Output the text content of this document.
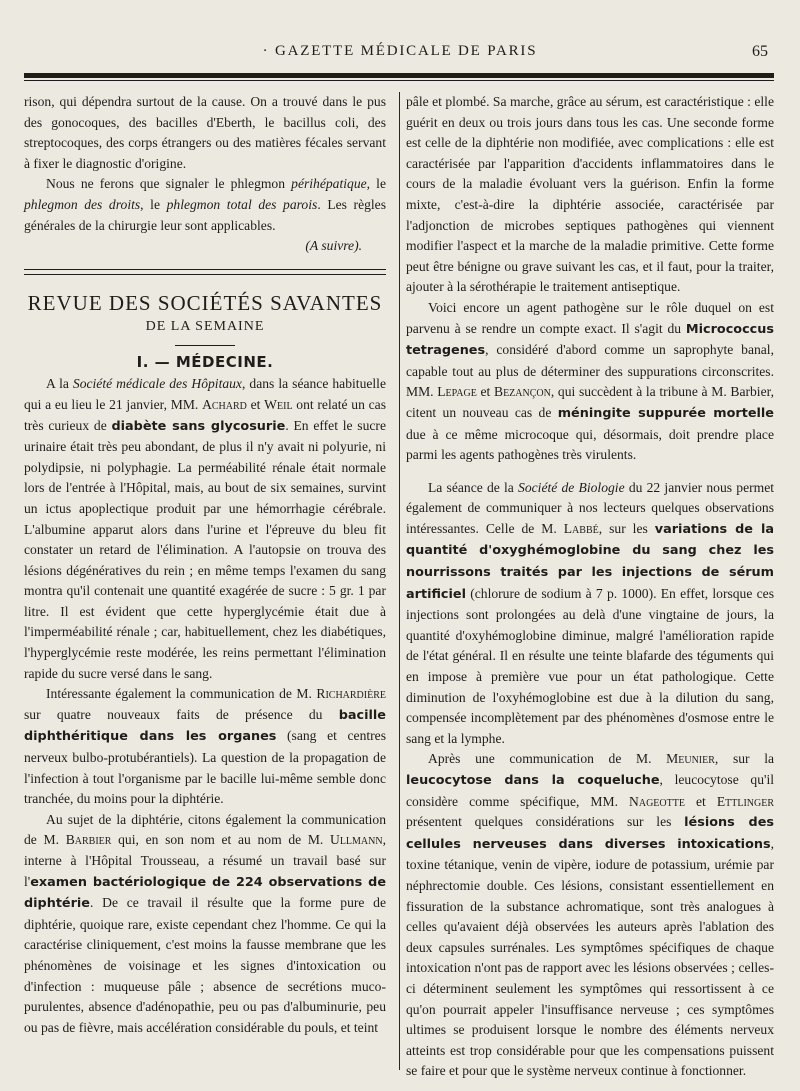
· GAZETTE MÉDICALE DE PARIS	65

rison, qui dépendra surtout de la cause. On a trouvé dans le pus des gonocoques, des bacilles d'Eberth, le bacillus coli, des streptocoques, des corps étrangers ou des matières fécales servant à fixer le diagnostic d'origine.

Nous ne ferons que signaler le phlegmon périhépatique, le phlegmon des droits, le phlegmon total des parois. Les règles générales de la chirurgie leur sont applicables.

(A suivre).

REVUE DES SOCIÉTÉS SAVANTES
DE LA SEMAINE
I. — MÉDECINE.

A la Société médicale des Hôpitaux, dans la séance habituelle qui a eu lieu le 21 janvier, MM. Achard et Weil ont relaté un cas très curieux de diabète sans glycosurie. En effet le sucre urinaire était très peu abondant, de plus il n'y avait ni polyurie, ni polydipsie, ni polyphagie. La perméabilité rénale était normale lors de l'entrée à l'Hôpital, mais, au bout de six semaines, survint un ictus apoplectique produit par une hémorrhagie cérébrale. L'albumine apparut alors dans l'urine et l'épreuve du bleu fit constater un retard de l'élimination. A l'autopsie on trouva des lésions dégénératives du rein ; en même temps l'examen du sang montra qu'il contenait une quantité exagérée de sucre : 5 gr. 1 par litre. Il est évident que cette hyperglycémie était due à l'imperméabilité rénale ; car, habituellement, chez les diabétiques, l'hyperglycémie reste modérée, les reins permettant l'élimination rapide du sucre versé dans le sang.

Intéressante également la communication de M. Richardière sur quatre nouveaux faits de présence du bacille diphthéritique dans les organes (sang et centres nerveux bulbo-protubérantiels). La question de la propagation de l'infection à tout l'organisme par le bacille lui-même semble donc tranchée, du moins pour la diphtérie.

Au sujet de la diphtérie, citons également la communication de M. Barbier qui, en son nom et au nom de M. Ullmann, interne à l'Hôpital Trousseau, a résumé un travail basé sur l'examen bactériologique de 224 observations de diphtérie. De ce travail il résulte que la forme pure de diphtérie, quoique rare, existe cependant chez l'homme. Ce qui la caractérise cliniquement, c'est moins la fausse membrane que les phénomènes de voisinage et les signes d'intoxication ou d'infection : muqueuse pâle ; absence de secrétions muco-purulentes, absence d'adénopathie, peu ou pas d'albuminurie, peu ou pas de fièvre, mais accélération considérable du pouls, et teint

pâle et plombé. Sa marche, grâce au sérum, est caractéristique : elle guérit en deux ou trois jours dans tous les cas. Une seconde forme est celle de la diphtérie non modifiée, avec complications : elle est caractérisée par l'apparition d'accidents inflammatoires dans le cours de la maladie évoluant vers la guérison. Enfin la forme mixte, c'est-à-dire la diphtérie associée, caractérisée par l'adjonction de microbes septiques pathogènes qui viennent modifier l'aspect et la marche de la maladie primitive. Cette forme peut être bénigne ou grave suivant les cas, et il faut, pour la traiter, ajouter à la sérothérapie le traitement antiseptique.

Voici encore un agent pathogène sur le rôle duquel on est parvenu à se rendre un compte exact. Il s'agit du Micrococcus tetragenes, considéré d'abord comme un saprophyte banal, capable tout au plus de déterminer des suppurations circonscrites. MM. Lepage et Bezançon, qui succèdent à la tribune à M. Barbier, citent un nouveau cas de méningite suppurée mortelle due à ce même microcoque qui, désormais, doit prendre place parmi les agents pathogènes très virulents.

La séance de la Société de Biologie du 22 janvier nous permet également de communiquer à nos lecteurs quelques observations intéressantes. Celle de M. Labbé, sur les variations de la quantité d'oxyghémoglobine du sang chez les nourrissons traités par les injections de sérum artificiel (chlorure de sodium à 7 p. 1000). En effet, lorsque ces injections sont prolongées au delà d'une vingtaine de jours, la quantité d'oxyhémoglobine diminue, malgré l'amélioration rapide de l'état général. Il en résulte une teinte blafarde des téguments qui en impose à première vue pour un état pathologique. Cette diminution de l'oxyhémoglobine est due à la dilution du sang, compensée incomplètement par des phénomènes d'osmose entre le sang et la lymphe.

Après une communication de M. Meunier, sur la leucocytose dans la coqueluche, leucocytose qu'il considère comme spécifique, MM. Nageotte et Ettlinger présentent quelques considérations sur les lésions des cellules nerveuses dans diverses intoxications, toxine tétanique, venin de vipère, iodure de potassium, urémie par néphrectomie double. Ces lésions, consistant essentiellement en fissuration de la substance achromatique, sont très analogues à celles qu'avaient déjà observées les auteurs après l'ablation des deux capsules surrénales. Les symptômes spécifiques de chaque intoxication n'ont pas de rapport avec les lésions observées ; celles-ci déterminent seulement les symptômes qui ressortissent à ce qu'on pourrait appeler l'insuffisance nerveuse ; ces symptômes ultimes se produisent lorsque le nombre des éléments nerveux atteints est trop considérable pour que les compensations puissent se faire et pour que le système nerveux continue à fonctionner.
